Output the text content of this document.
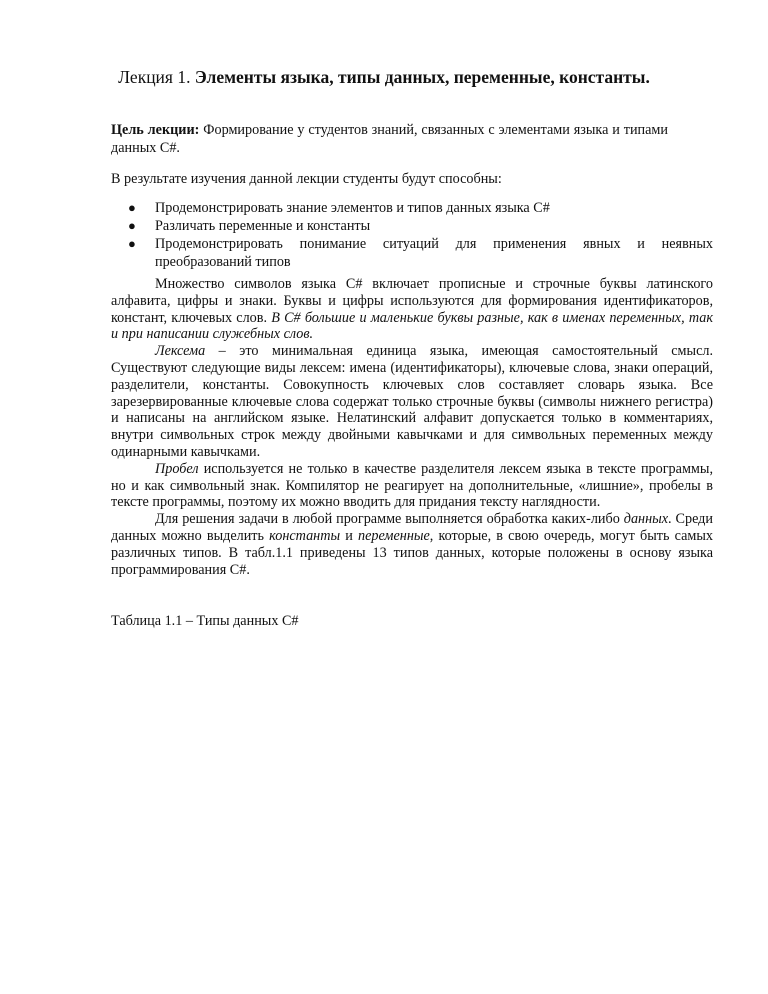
Лекция 1. Элементы языка, типы данных, переменные, константы.
Цель лекции: Формирование у студентов знаний, связанных с элементами языка и типами данных С#.
В результате изучения данной лекции студенты будут способны:
● Продемонстрировать знание элементов и типов данных языка С#
● Различать переменные и константы
● Продемонстрировать понимание ситуаций для применения явных и неявных преобразований типов

Множество символов языка С# включает прописные и строчные буквы латинского алфавита, цифры и знаки. Буквы и цифры используются для формирования идентификаторов, констант, ключевых слов. В С# большие и маленькие буквы разные, как в именах переменных, так и при написании служебных слов.

Лексема – это минимальная единица языка, имеющая самостоятельный смысл. Существуют следующие виды лексем: имена (идентификаторы), ключевые слова, знаки операций, разделители, константы. Совокупность ключевых слов составляет словарь языка. Все зарезервированные ключевые слова содержат только строчные буквы (символы нижнего регистра) и написаны на английском языке. Нелатинский алфавит допускается только в комментариях, внутри символьных строк между двойными кавычками и для символьных переменных между одинарными кавычками.

Пробел используется не только в качестве разделителя лексем языка в тексте программы, но и как символьный знак. Компилятор не реагирует на дополнительные, «лишние», пробелы в тексте программы, поэтому их можно вводить для придания тексту наглядности.

Для решения задачи в любой программе выполняется обработка каких-либо данных. Среди данных можно выделить константы и переменные, которые, в свою очередь, могут быть самых различных типов. В табл.1.1 приведены 13 типов данных, которые положены в основу языка программирования С#.

Таблица 1.1 – Типы данных С#
